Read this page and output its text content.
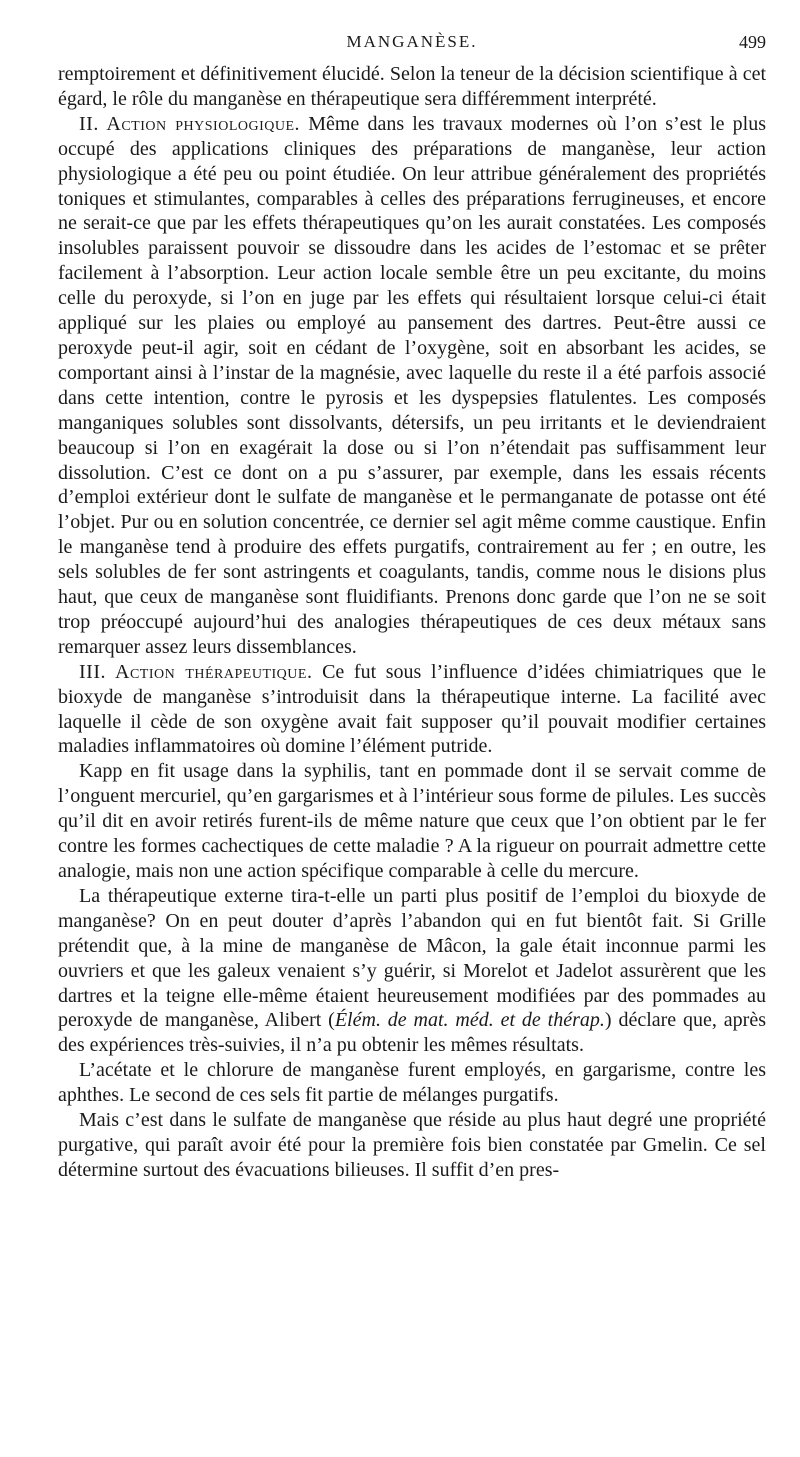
MANGANÈSE.	499

remptoirement et définitivement élucidé. Selon la teneur de la décision scientifique à cet égard, le rôle du manganèse en thérapeutique sera différemment interprété.

II. Action physiologique. Même dans les travaux modernes où l’on s’est le plus occupé des applications cliniques des préparations de manganèse, leur action physiologique a été peu ou point étudiée. On leur attribue généralement des propriétés toniques et stimulantes, comparables à celles des préparations ferrugineuses, et encore ne serait-ce que par les effets thérapeutiques qu’on les aurait constatées. Les composés insolubles paraissent pouvoir se dissoudre dans les acides de l’estomac et se prêter facilement à l’absorption. Leur action locale semble être un peu excitante, du moins celle du peroxyde, si l’on en juge par les effets qui résultaient lorsque celui-ci était appliqué sur les plaies ou employé au pansement des dartres. Peut-être aussi ce peroxyde peut-il agir, soit en cédant de l’oxygène, soit en absorbant les acides, se comportant ainsi à l’instar de la magnésie, avec laquelle du reste il a été parfois associé dans cette intention, contre le pyrosis et les dyspepsies flatulentes. Les composés manganiques solubles sont dissolvants, détersifs, un peu irritants et le deviendraient beaucoup si l’on en exagérait la dose ou si l’on n’étendait pas suffisamment leur dissolution. C’est ce dont on a pu s’assurer, par exemple, dans les essais récents d’emploi extérieur dont le sulfate de manganèse et le permanganate de potasse ont été l’objet. Pur ou en solution concentrée, ce dernier sel agit même comme caustique. Enfin le manganèse tend à produire des effets purgatifs, contrairement au fer ; en outre, les sels solubles de fer sont astringents et coagulants, tandis, comme nous le disions plus haut, que ceux de manganèse sont fluidifiants. Prenons donc garde que l’on ne se soit trop préoccupé aujourd’hui des analogies thérapeutiques de ces deux métaux sans remarquer assez leurs dissemblances.

III. Action thérapeutique. Ce fut sous l’influence d’idées chimiatriques que le bioxyde de manganèse s’introduisit dans la thérapeutique interne. La facilité avec laquelle il cède de son oxygène avait fait supposer qu’il pouvait modifier certaines maladies inflammatoires où domine l’élément putride.

Kapp en fit usage dans la syphilis, tant en pommade dont il se servait comme de l’onguent mercuriel, qu’en gargarismes et à l’intérieur sous forme de pilules. Les succès qu’il dit en avoir retirés furent-ils de même nature que ceux que l’on obtient par le fer contre les formes cachectiques de cette maladie ? A la rigueur on pourrait admettre cette analogie, mais non une action spécifique comparable à celle du mercure.

La thérapeutique externe tira-t-elle un parti plus positif de l’emploi du bioxyde de manganèse? On en peut douter d’après l’abandon qui en fut bientôt fait. Si Grille prétendit que, à la mine de manganèse de Mâcon, la gale était inconnue parmi les ouvriers et que les galeux venaient s’y guérir, si Morelot et Jadelot assurèrent que les dartres et la teigne elle-même étaient heureusement modifiées par des pommades au peroxyde de manganèse, Alibert (Élém. de mat. méd. et de thérap.) déclare que, après des expériences très-suivies, il n’a pu obtenir les mêmes résultats.

L’acétate et le chlorure de manganèse furent employés, en gargarisme, contre les aphthes. Le second de ces sels fit partie de mélanges purgatifs.

Mais c’est dans le sulfate de manganèse que réside au plus haut degré une propriété purgative, qui paraît avoir été pour la première fois bien constatée par Gmelin. Ce sel détermine surtout des évacuations bilieuses. Il suffit d’en pres-
